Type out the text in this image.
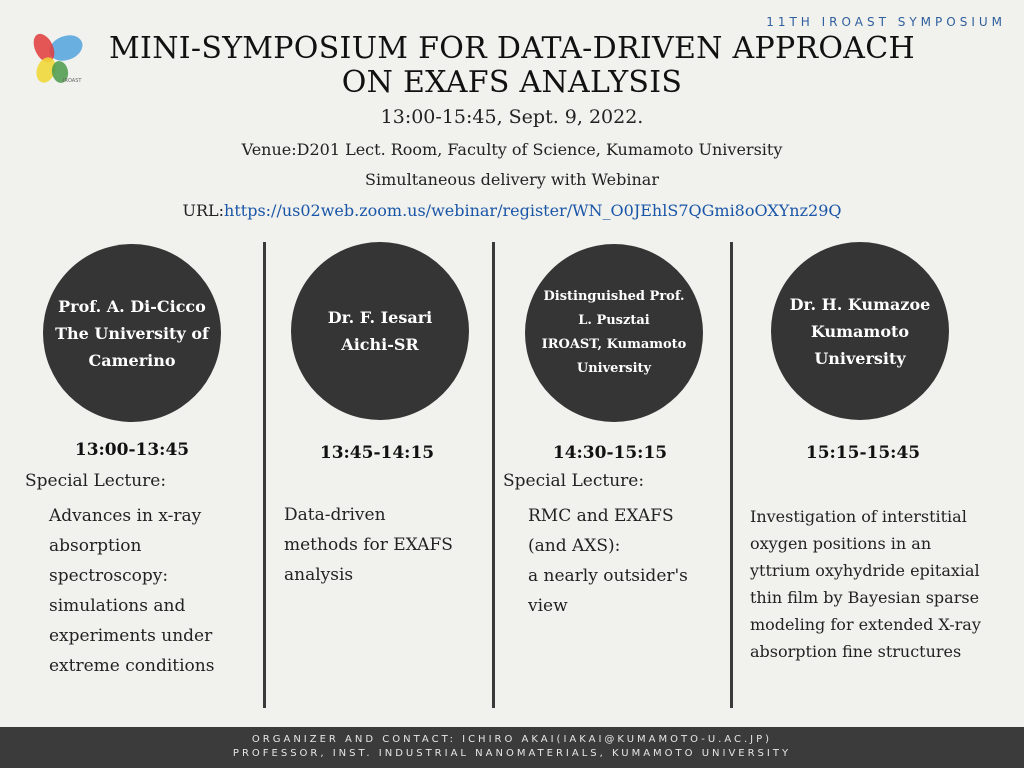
11TH IROAST SYMPOSIUM
IROAST
MINI-SYMPOSIUM FOR DATA-DRIVEN APPROACH
ON EXAFS ANALYSIS
13:00-15:45, Sept. 9, 2022.
Venue:D201 Lect. Room, Faculty of Science, Kumamoto University
Simultaneous delivery with Webinar
URL:https://us02web.zoom.us/webinar/register/WN_O0JEhlS7QGmi8oOXYnz29Q
Prof. A. Di-Cicco
The University of
Camerino
13:00-13:45
Special Lecture:
Advances in x-ray
absorption
spectroscopy:
simulations and
experiments under
extreme conditions
Dr. F. Iesari
Aichi-SR
13:45-14:15
Data-driven
methods for EXAFS
analysis
Distinguished Prof.
L. Pusztai
IROAST, Kumamoto
University
14:30-15:15
Special Lecture:
RMC and EXAFS
(and AXS):
a nearly outsider's
view
Dr. H. Kumazoe
Kumamoto
University
15:15-15:45
Investigation of interstitial
oxygen positions in an
yttrium oxyhydride epitaxial
thin film by Bayesian sparse
modeling for extended X-ray
absorption fine structures
ORGANIZER AND CONTACT: ICHIRO AKAI(IAKAI@KUMAMOTO-U.AC.JP)
PROFESSOR, INST. INDUSTRIAL NANOMATERIALS, KUMAMOTO UNIVERSITY
